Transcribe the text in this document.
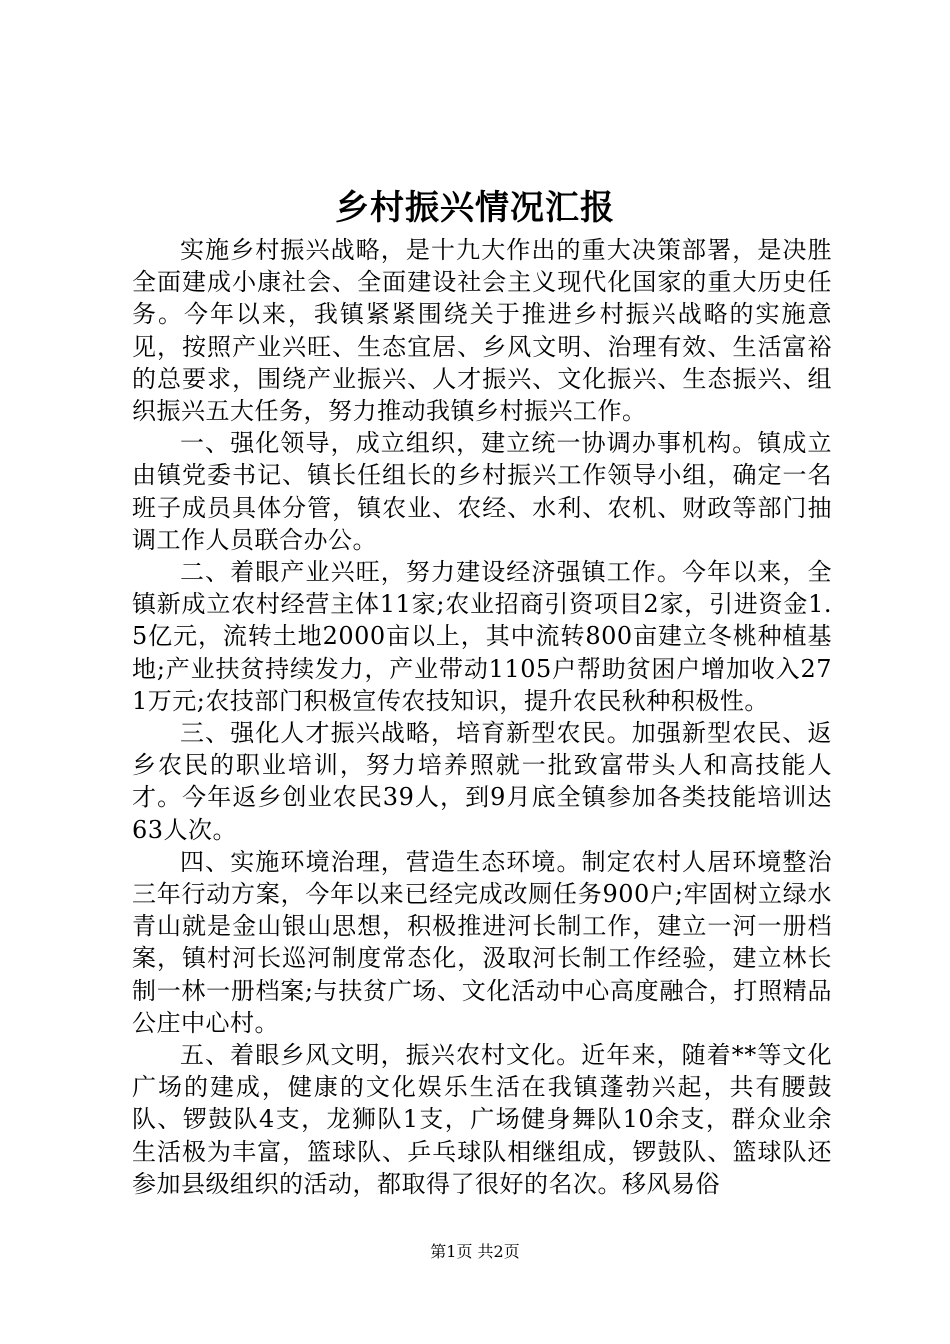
乡村振兴情况汇报

实施乡村振兴战略，是十九大作出的重大决策部署，是决胜全面建成小康社会、全面建设社会主义现代化国家的重大历史任务。今年以来，我镇紧紧围绕关于推进乡村振兴战略的实施意见，按照产业兴旺、生态宜居、乡风文明、治理有效、生活富裕的总要求，围绕产业振兴、人才振兴、文化振兴、生态振兴、组织振兴五大任务，努力推动我镇乡村振兴工作。

一、强化领导，成立组织，建立统一协调办事机构。镇成立由镇党委书记、镇长任组长的乡村振兴工作领导小组，确定一名班子成员具体分管，镇农业、农经、水利、农机、财政等部门抽调工作人员联合办公。

二、着眼产业兴旺，努力建设经济强镇工作。今年以来，全镇新成立农村经营主体11家;农业招商引资项目2家，引进资金1.5亿元，流转土地2000亩以上，其中流转800亩建立冬桃种植基地;产业扶贫持续发力，产业带动1105户帮助贫困户增加收入271万元;农技部门积极宣传农技知识，提升农民秋种积极性。

三、强化人才振兴战略，培育新型农民。加强新型农民、返乡农民的职业培训，努力培养照就一批致富带头人和高技能人才。今年返乡创业农民39人，到9月底全镇参加各类技能培训达63人次。

四、实施环境治理，营造生态环境。制定农村人居环境整治三年行动方案，今年以来已经完成改厕任务900户;牢固树立绿水青山就是金山银山思想，积极推进河长制工作，建立一河一册档案，镇村河长巡河制度常态化，汲取河长制工作经验，建立林长制一林一册档案;与扶贫广场、文化活动中心高度融合，打照精品公庄中心村。

五、着眼乡风文明，振兴农村文化。近年来，随着**等文化广场的建成，健康的文化娱乐生活在我镇蓬勃兴起，共有腰鼓队、锣鼓队4支，龙狮队1支，广场健身舞队10余支，群众业余生活极为丰富，篮球队、乒乓球队相继组成，锣鼓队、篮球队还参加县级组织的活动，都取得了很好的名次。移风易俗

第1页 共2页
